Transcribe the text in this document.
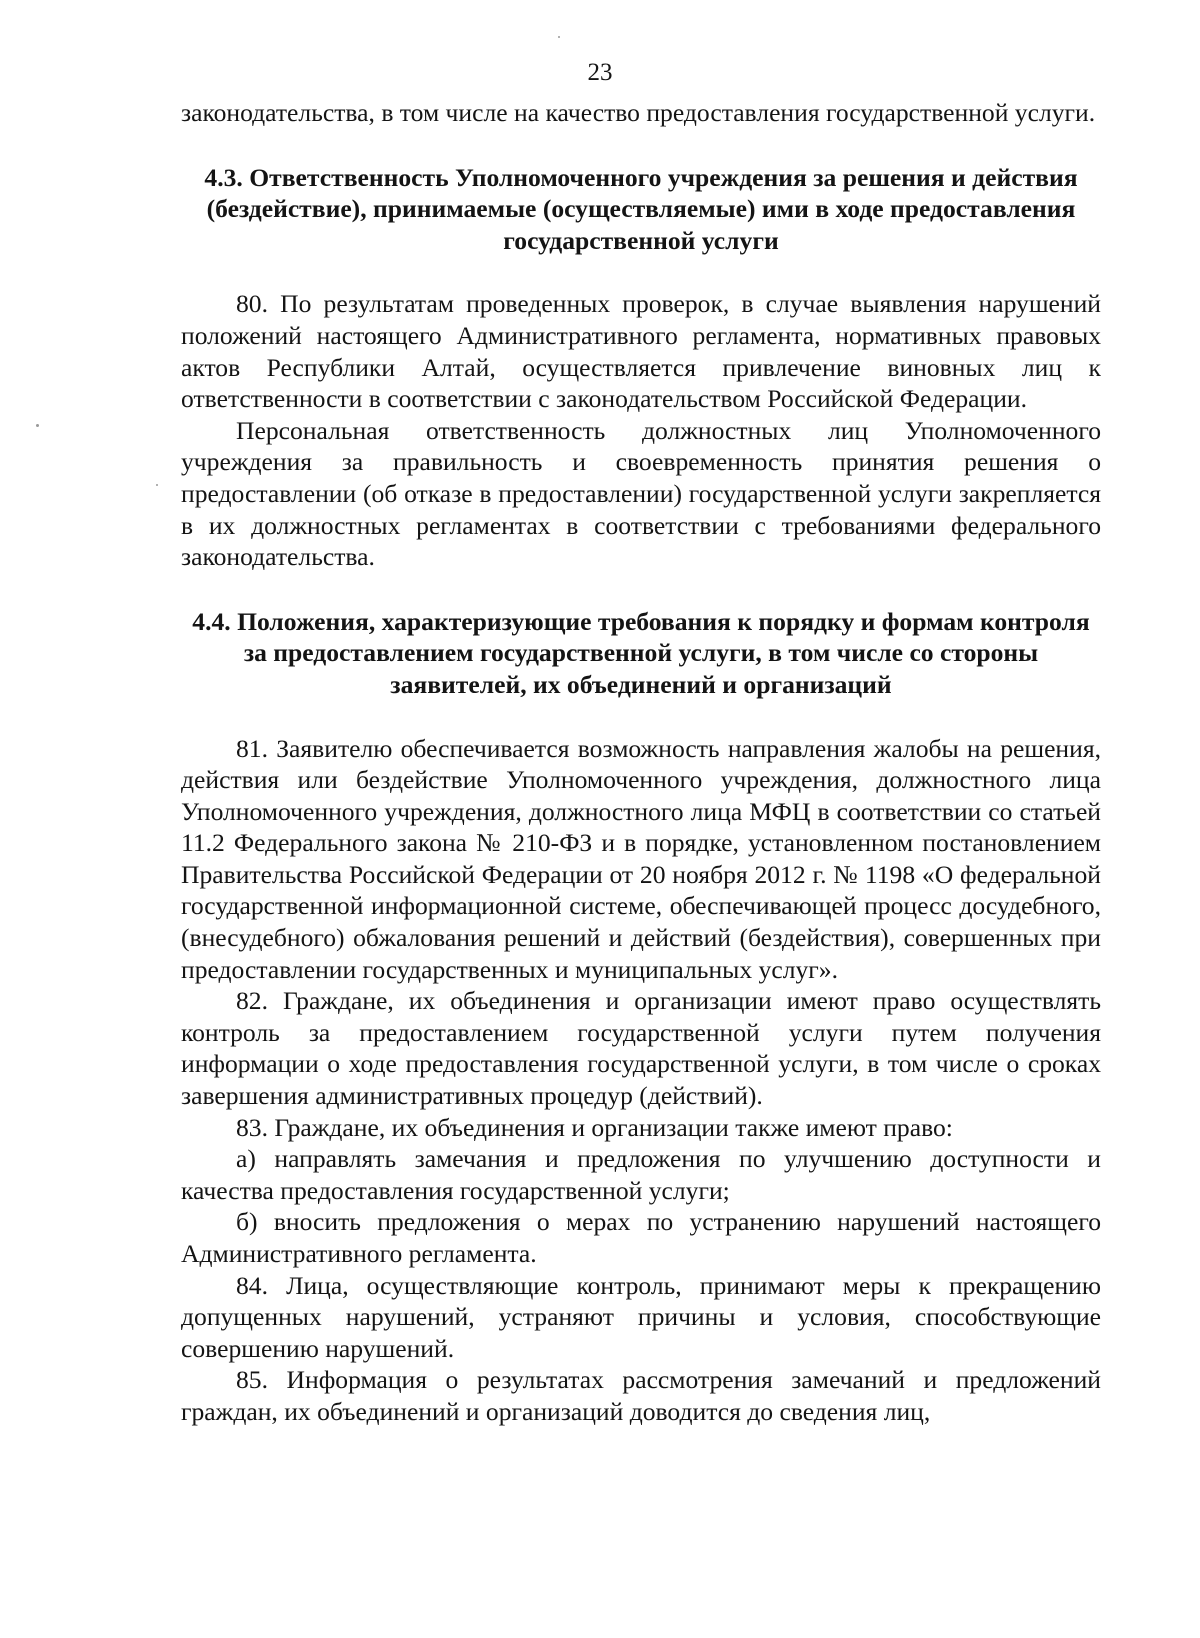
23

законодательства, в том числе на качество предоставления государственной услуги.

4.3. Ответственность Уполномоченного учреждения за решения и действия (бездействие), принимаемые (осуществляемые) ими в ходе предоставления государственной услуги

80. По результатам проведенных проверок, в случае выявления нарушений положений настоящего Административного регламента, нормативных правовых актов Республики Алтай, осуществляется привлечение виновных лиц к ответственности в соответствии с законодательством Российской Федерации.

Персональная ответственность должностных лиц Уполномоченного учреждения за правильность и своевременность принятия решения о предоставлении (об отказе в предоставлении) государственной услуги закрепляется в их должностных регламентах в соответствии с требованиями федерального законодательства.

4.4. Положения, характеризующие требования к порядку и формам контроля за предоставлением государственной услуги, в том числе со стороны заявителей, их объединений и организаций

81. Заявителю обеспечивается возможность направления жалобы на решения, действия или бездействие Уполномоченного учреждения, должностного лица Уполномоченного учреждения, должностного лица МФЦ в соответствии со статьей 11.2 Федерального закона № 210-ФЗ и в порядке, установленном постановлением Правительства Российской Федерации от 20 ноября 2012 г. № 1198 «О федеральной государственной информационной системе, обеспечивающей процесс досудебного, (внесудебного) обжалования решений и действий (бездействия), совершенных при предоставлении государственных и муниципальных услуг».

82. Граждане, их объединения и организации имеют право осуществлять контроль за предоставлением государственной услуги путем получения информации о ходе предоставления государственной услуги, в том числе о сроках завершения административных процедур (действий).

83. Граждане, их объединения и организации также имеют право:

а) направлять замечания и предложения по улучшению доступности и качества предоставления государственной услуги;

б) вносить предложения о мерах по устранению нарушений настоящего Административного регламента.

84. Лица, осуществляющие контроль, принимают меры к прекращению допущенных нарушений, устраняют причины и условия, способствующие совершению нарушений.

85. Информация о результатах рассмотрения замечаний и предложений граждан, их объединений и организаций доводится до сведения лиц,
